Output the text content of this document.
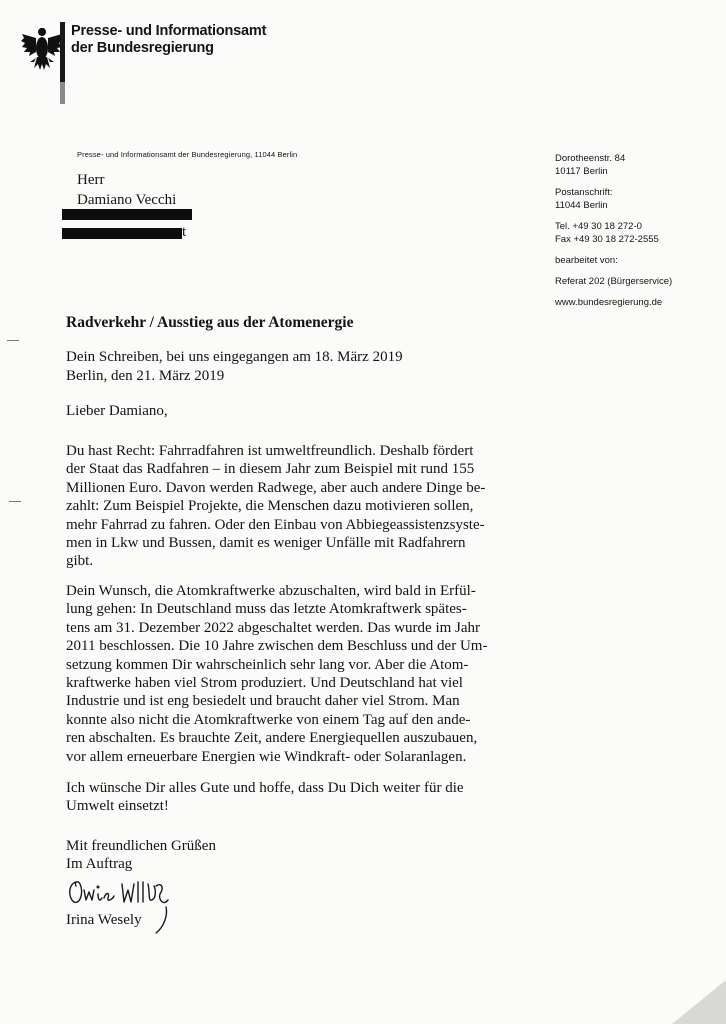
Presse- und Informationsamt
der Bundesregierung
Presse- und Informationsamt der Bundesregierung, 11044 Berlin
Herr
Damiano Vecchi
t
Dorotheenstr. 84
10117 Berlin
Postanschrift:
11044 Berlin
Tel. +49 30 18 272-0
Fax +49 30 18 272-2555
bearbeitet von:
Referat 202 (Bürgerservice)
www.bundesregierung.de
Radverkehr / Ausstieg aus der Atomenergie
Dein Schreiben, bei uns eingegangen am 18. März 2019
Berlin, den 21. März 2019
Lieber Damiano,
Du hast Recht: Fahrradfahren ist umweltfreundlich. Deshalb fördert
der Staat das Radfahren – in diesem Jahr zum Beispiel mit rund 155
Millionen Euro. Davon werden Radwege, aber auch andere Dinge be-
zahlt: Zum Beispiel Projekte, die Menschen dazu motivieren sollen,
mehr Fahrrad zu fahren. Oder den Einbau von Abbiegeassistenzsyste-
men in Lkw und Bussen, damit es weniger Unfälle mit Radfahrern
gibt.
Dein Wunsch, die Atomkraftwerke abzuschalten, wird bald in Erfül-
lung gehen: In Deutschland muss das letzte Atomkraftwerk spätes-
tens am 31. Dezember 2022 abgeschaltet werden. Das wurde im Jahr
2011 beschlossen. Die 10 Jahre zwischen dem Beschluss und der Um-
setzung kommen Dir wahrscheinlich sehr lang vor. Aber die Atom-
kraftwerke haben viel Strom produziert. Und Deutschland hat viel
Industrie und ist eng besiedelt und braucht daher viel Strom. Man
konnte also nicht die Atomkraftwerke von einem Tag auf den ande-
ren abschalten. Es brauchte Zeit, andere Energiequellen auszubauen,
vor allem erneuerbare Energien wie Windkraft- oder Solaranlagen.
Ich wünsche Dir alles Gute und hoffe, dass Du Dich weiter für die
Umwelt einsetzt!
Mit freundlichen Grüßen
Im Auftrag
Irina Wesely
